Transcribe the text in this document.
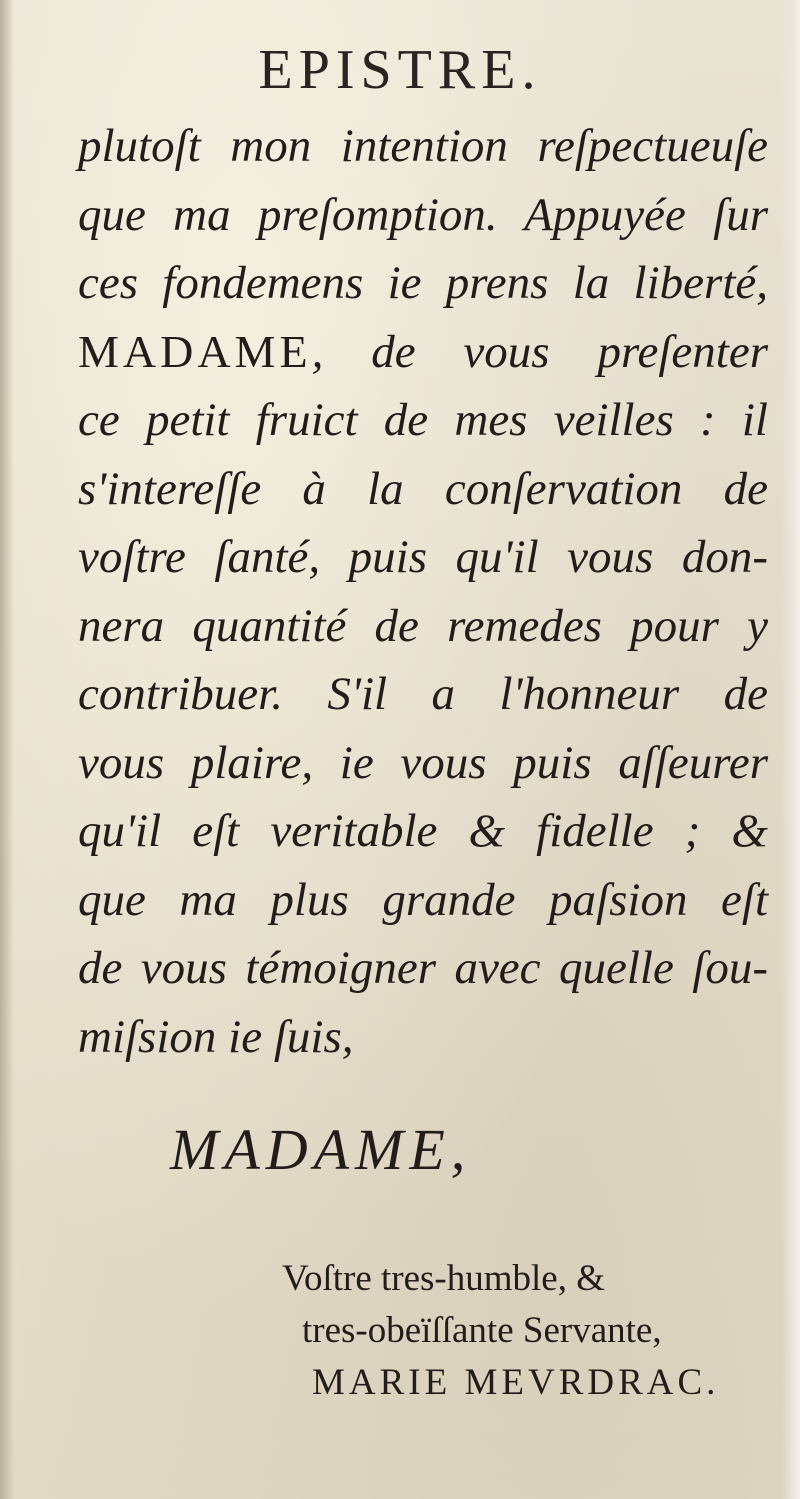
EPISTRE.
plutoſt mon intention reſpectueuſe
que ma preſomption. Appuyée ſur
ces fondemens ie prens la liberté,
MADAME, de vous preſenter
ce petit fruict de mes veilles : il
s'intereſſe à la conſervation de
voſtre ſanté, puis qu'il vous don-
nera quantité de remedes pour y
contribuer. S'il a l'honneur de
vous plaire, ie vous puis aſſeurer
qu'il eſt veritable & fidelle ; &
que ma plus grande paſsion eſt
de vous témoigner avec quelle ſou-
miſsion ie ſuis,
MADAME,
Voſtre tres-humble, &
tres-obeïſſante Servante,
MARIE MEVRDRAC.
